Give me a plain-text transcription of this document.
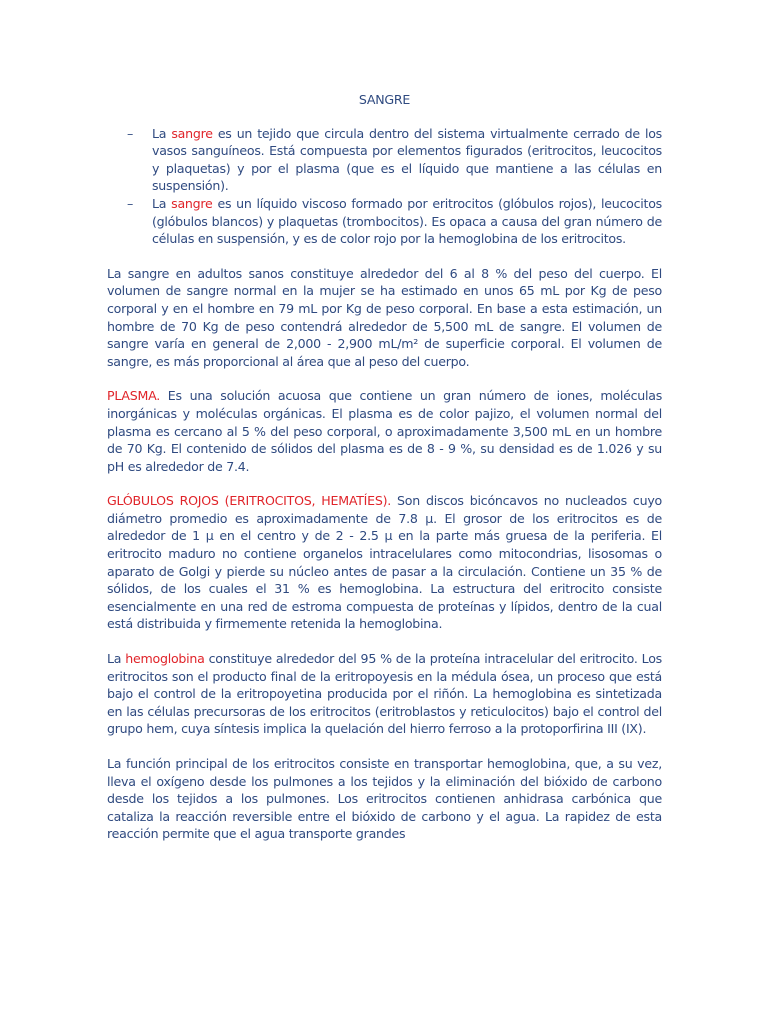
SANGRE
– La sangre es un tejido que circula dentro del sistema virtualmente cerrado de los vasos sanguíneos. Está compuesta por elementos figurados (eritrocitos, leucocitos y plaquetas) y por el plasma (que es el líquido que mantiene a las células en suspensión).
– La sangre es un líquido viscoso formado por eritrocitos (glóbulos rojos), leucocitos (glóbulos blancos) y plaquetas (trombocitos). Es opaca a causa del gran número de células en suspensión, y es de color rojo por la hemoglobina de los eritrocitos.

La sangre en adultos sanos constituye alrededor del 6 al 8 % del peso del cuerpo. El volumen de sangre normal en la mujer se ha estimado en unos 65 mL por Kg de peso corporal y en el hombre en 79 mL por Kg de peso corporal. En base a esta estimación, un hombre de 70 Kg de peso contendrá alrededor de 5,500 mL de sangre. El volumen de sangre varía en general de 2,000 - 2,900 mL/m² de superficie corporal. El volumen de sangre, es más proporcional al área que al peso del cuerpo.

PLASMA. Es una solución acuosa que contiene un gran número de iones, moléculas inorgánicas y moléculas orgánicas. El plasma es de color pajizo, el volumen normal del plasma es cercano al 5 % del peso corporal, o aproximadamente 3,500 mL en un hombre de 70 Kg. El contenido de sólidos del plasma es de 8 - 9 %, su densidad es de 1.026 y su pH es alrededor de 7.4.

GLÓBULOS ROJOS (ERITROCITOS, HEMATÍES). Son discos bicóncavos no nucleados cuyo diámetro promedio es aproximadamente de 7.8 µ. El grosor de los eritrocitos es de alrededor de 1 µ en el centro y de 2 - 2.5 µ en la parte más gruesa de la periferia. El eritrocito maduro no contiene organelos intracelulares como mitocondrias, lisosomas o aparato de Golgi y pierde su núcleo antes de pasar a la circulación. Contiene un 35 % de sólidos, de los cuales el 31 % es hemoglobina. La estructura del eritrocito consiste esencialmente en una red de estroma compuesta de proteínas y lípidos, dentro de la cual está distribuida y firmemente retenida la hemoglobina.

La hemoglobina constituye alrededor del 95 % de la proteína intracelular del eritrocito. Los eritrocitos son el producto final de la eritropoyesis en la médula ósea, un proceso que está bajo el control de la eritropoyetina producida por el riñón. La hemoglobina es sintetizada en las células precursoras de los eritrocitos (eritroblastos y reticulocitos) bajo el control del grupo hem, cuya síntesis implica la quelación del hierro ferroso a la protoporfirina III (IX).

La función principal de los eritrocitos consiste en transportar hemoglobina, que, a su vez, lleva el oxígeno desde los pulmones a los tejidos y la eliminación del bióxido de carbono desde los tejidos a los pulmones. Los eritrocitos contienen anhidrasa carbónica que cataliza la reacción reversible entre el bióxido de carbono y el agua. La rapidez de esta reacción permite que el agua transporte grandes
